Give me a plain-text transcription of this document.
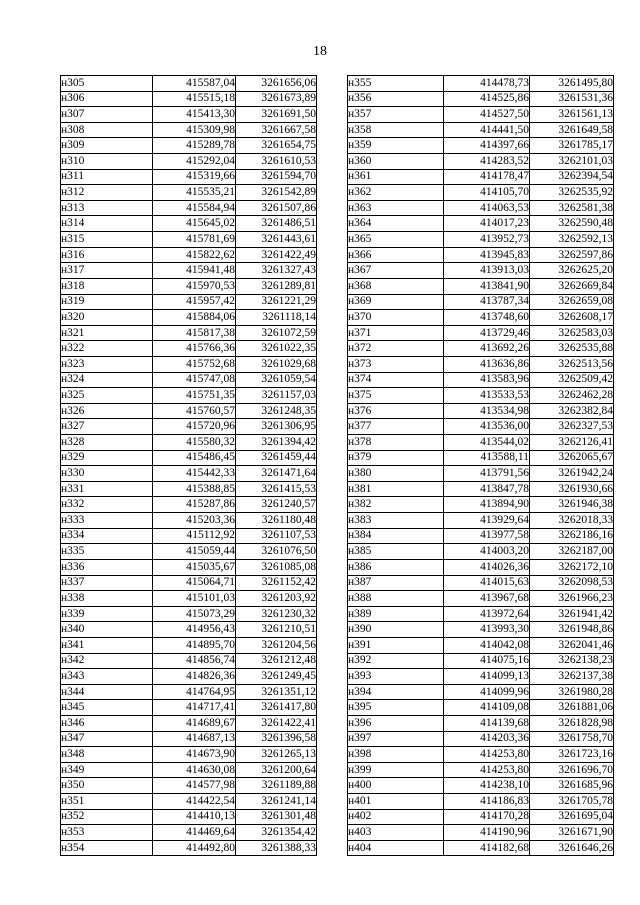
18
н305	415587,04	3261656,06
н306	415515,18	3261673,89
н307	415413,30	3261691,50
н308	415309,98	3261667,58
н309	415289,78	3261654,75
н310	415292,04	3261610,53
н311	415319,66	3261594,70
н312	415535,21	3261542,89
н313	415584,94	3261507,86
н314	415645,02	3261486,51
н315	415781,69	3261443,61
н316	415822,62	3261422,49
н317	415941,48	3261327,43
н318	415970,53	3261289,81
н319	415957,42	3261221,29
н320	415884,06	3261118,14
н321	415817,38	3261072,59
н322	415766,36	3261022,35
н323	415752,68	3261029,68
н324	415747,08	3261059,54
н325	415751,35	3261157,03
н326	415760,57	3261248,35
н327	415720,96	3261306,95
н328	415580,32	3261394,42
н329	415486,45	3261459,44
н330	415442,33	3261471,64
н331	415388,85	3261415,53
н332	415287,86	3261240,57
н333	415203,36	3261180,48
н334	415112,92	3261107,53
н335	415059,44	3261076,50
н336	415035,67	3261085,08
н337	415064,71	3261152,42
н338	415101,03	3261203,92
н339	415073,29	3261230,32
н340	414956,43	3261210,51
н341	414895,70	3261204,56
н342	414856,74	3261212,48
н343	414826,36	3261249,45
н344	414764,95	3261351,12
н345	414717,41	3261417,80
н346	414689,67	3261422,41
н347	414687,13	3261396,58
н348	414673,90	3261265,13
н349	414630,08	3261200,64
н350	414577,98	3261189,88
н351	414422,54	3261241,14
н352	414410,13	3261301,48
н353	414469,64	3261354,42
н354	414492,80	3261388,33
н355	414478,73	3261495,80
н356	414525,86	3261531,36
н357	414527,50	3261561,13
н358	414441,50	3261649,58
н359	414397,66	3261785,17
н360	414283,52	3262101,03
н361	414178,47	3262394,54
н362	414105,70	3262535,92
н363	414063,53	3262581,38
н364	414017,23	3262590,48
н365	413952,73	3262592,13
н366	413945,83	3262597,86
н367	413913,03	3262625,20
н368	413841,90	3262669,84
н369	413787,34	3262659,08
н370	413748,60	3262608,17
н371	413729,46	3262583,03
н372	413692,26	3262535,88
н373	413636,86	3262513,56
н374	413583,96	3262509,42
н375	413533,53	3262462,28
н376	413534,98	3262382,84
н377	413536,00	3262327,53
н378	413544,02	3262126,41
н379	413588,11	3262065,67
н380	413791,56	3261942,24
н381	413847,78	3261930,66
н382	413894,90	3261946,38
н383	413929,64	3262018,33
н384	413977,58	3262186,16
н385	414003,20	3262187,00
н386	414026,36	3262172,10
н387	414015,63	3262098,53
н388	413967,68	3261966,23
н389	413972,64	3261941,42
н390	413993,30	3261948,86
н391	414042,08	3262041,46
н392	414075,16	3262138,23
н393	414099,13	3262137,38
н394	414099,96	3261980,28
н395	414109,08	3261881,06
н396	414139,68	3261828,98
н397	414203,36	3261758,70
н398	414253,80	3261723,16
н399	414253,80	3261696,70
н400	414238,10	3261685,96
н401	414186,83	3261705,78
н402	414170,28	3261695,04
н403	414190,96	3261671,90
н404	414182,68	3261646,26
